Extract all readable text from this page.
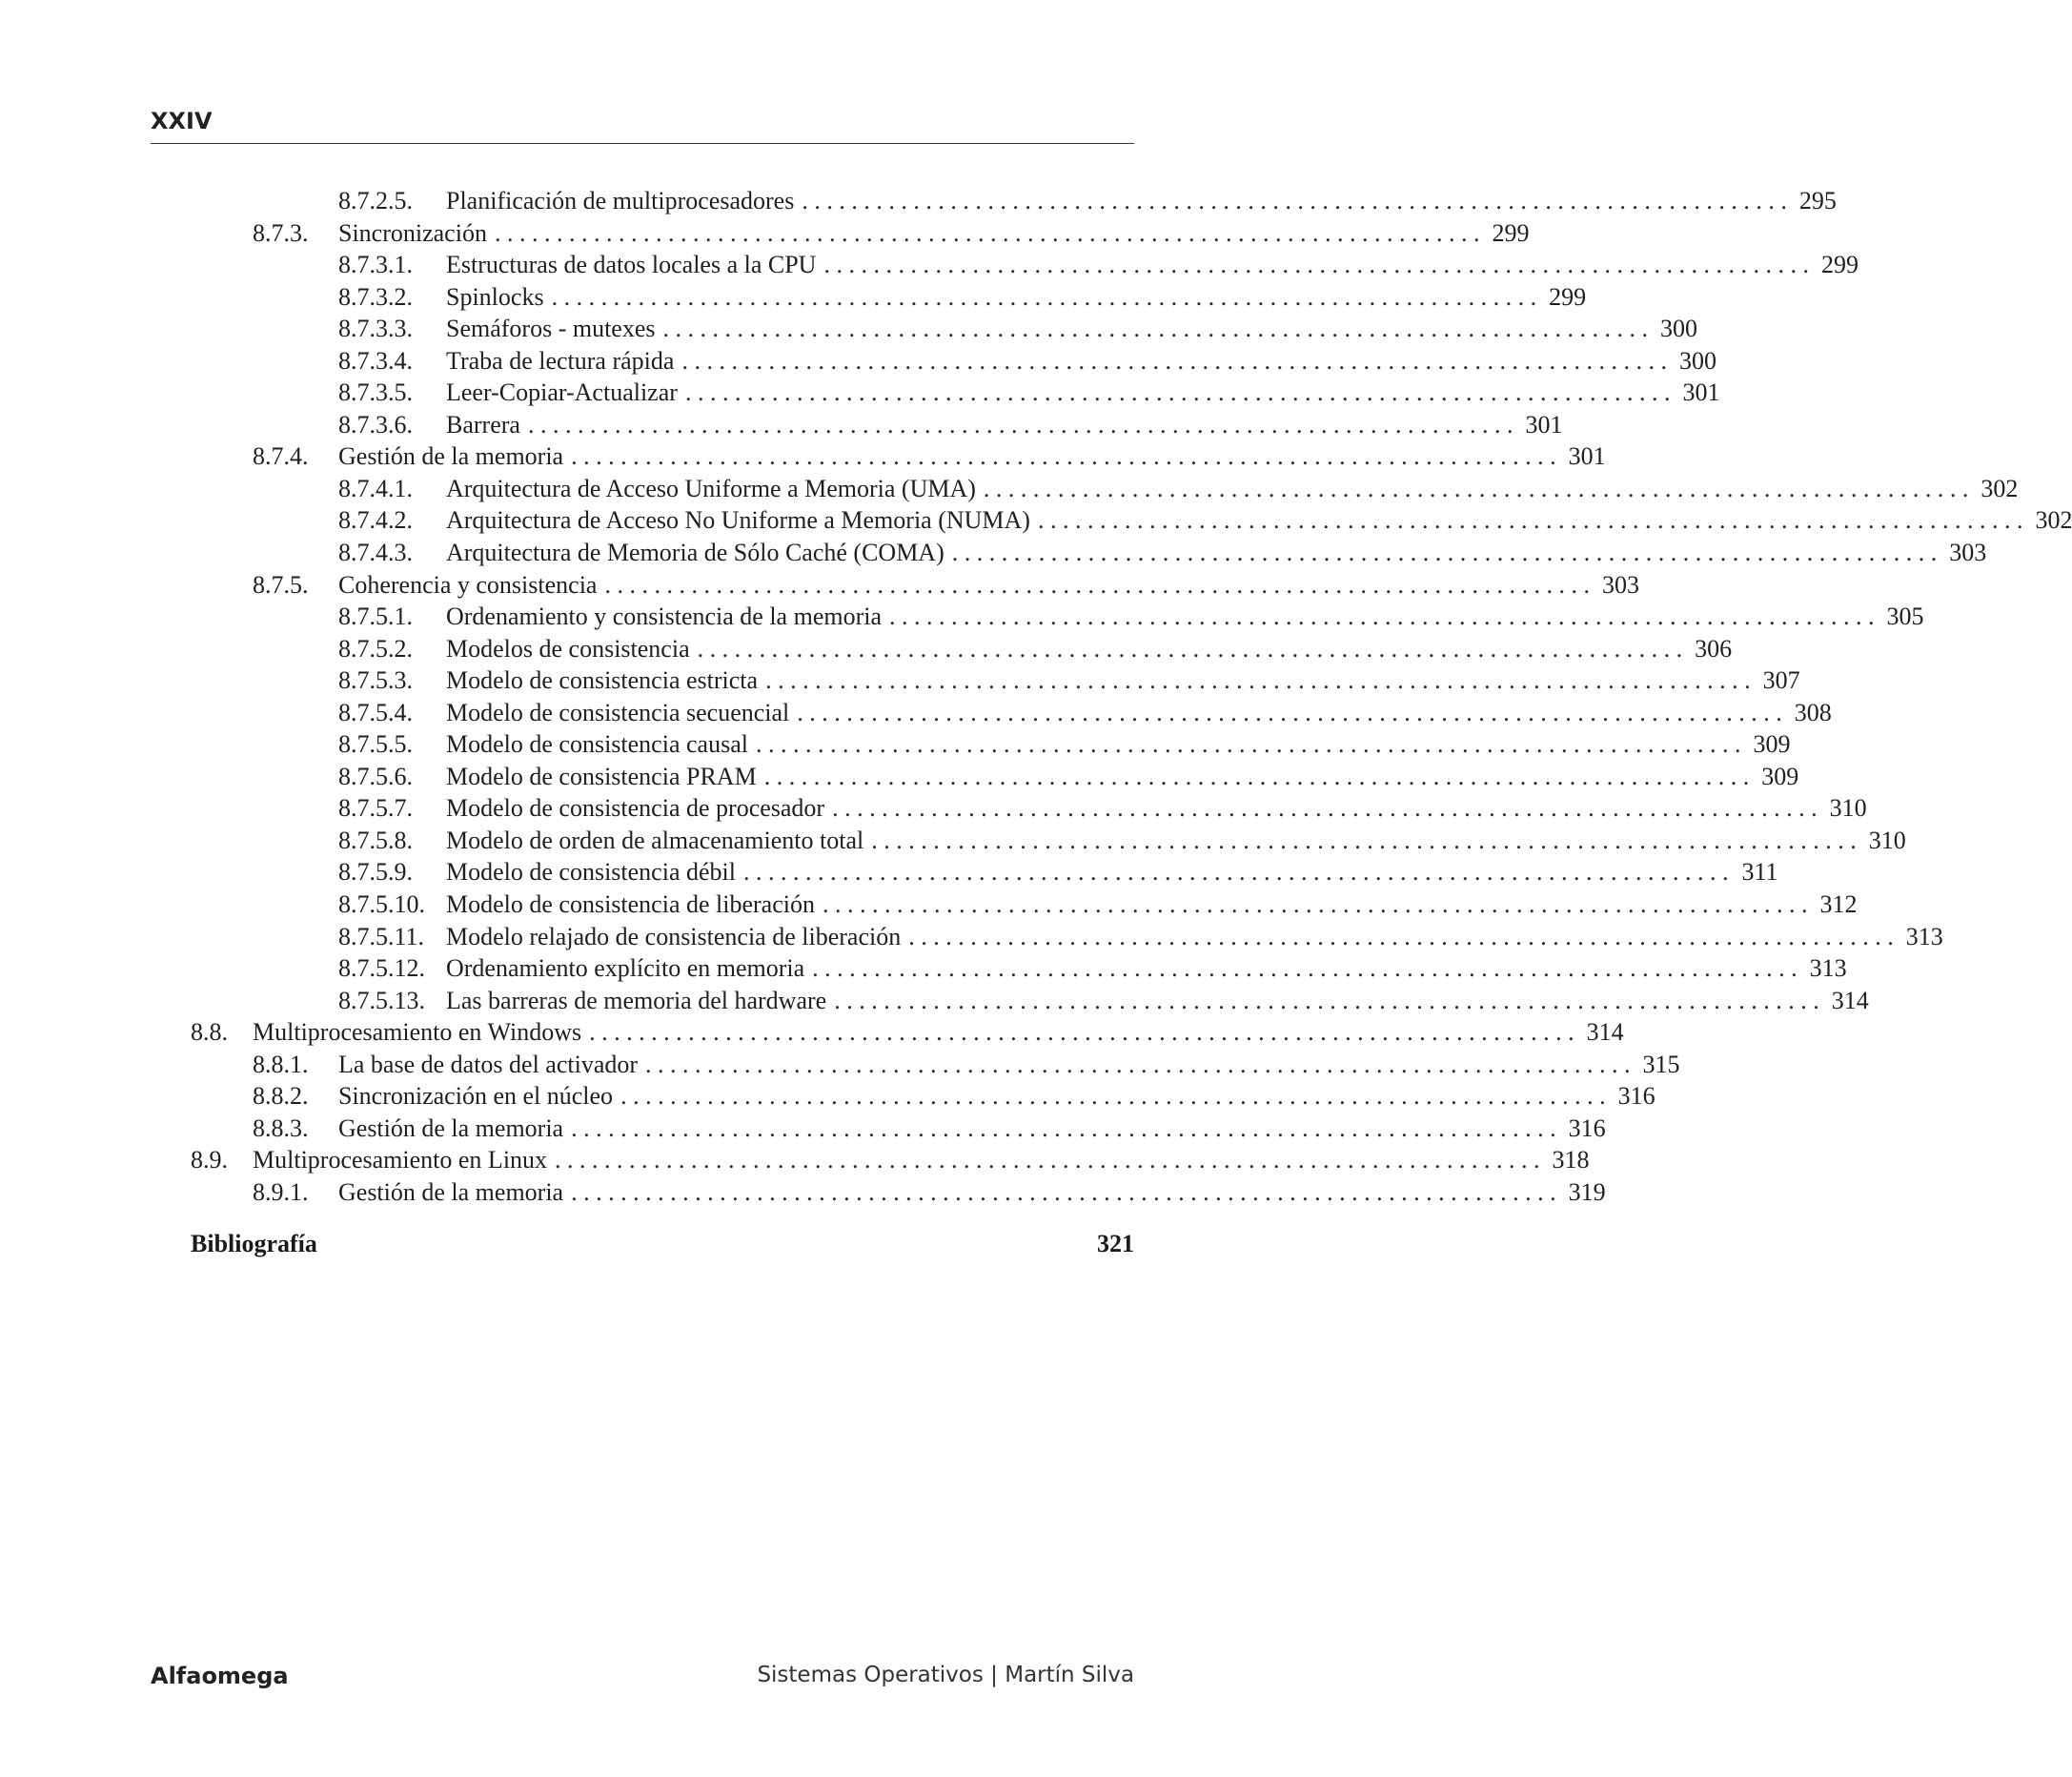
XXIV
8.7.2.5. Planificación de multiprocesadores . . . . . . . . . . . . . . . . . . . . . . . . . . . . . . . . . . . . . . . . . . . . . . . . . . . . . . . . . . . . . . . . . . . . . . . . . . . . . . . . 295
8.7.3. Sincronización . . . . . . . . . . . . . . . . . . . . . . . . . . . . . . . . . . . . . . . . . . . . . . . . . . . . . . . . . . . . . . . . . . . . . . . . . . . . . . . . 299
8.7.3.1. Estructuras de datos locales a la CPU . . . . . . . . . . . . . . . . . . . . . . . . . . . . . . . . . . . . . . . . . . . . . . . . . . . . . . . . . . . . . . . . . . . . . . . . . . . . . . . . 299
8.7.3.2. Spinlocks . . . . . . . . . . . . . . . . . . . . . . . . . . . . . . . . . . . . . . . . . . . . . . . . . . . . . . . . . . . . . . . . . . . . . . . . . . . . . . . . 299
8.7.3.3. Semáforos - mutexes . . . . . . . . . . . . . . . . . . . . . . . . . . . . . . . . . . . . . . . . . . . . . . . . . . . . . . . . . . . . . . . . . . . . . . . . . . . . . . . . 300
8.7.3.4. Traba de lectura rápida . . . . . . . . . . . . . . . . . . . . . . . . . . . . . . . . . . . . . . . . . . . . . . . . . . . . . . . . . . . . . . . . . . . . . . . . . . . . . . . . 300
8.7.3.5. Leer-Copiar-Actualizar . . . . . . . . . . . . . . . . . . . . . . . . . . . . . . . . . . . . . . . . . . . . . . . . . . . . . . . . . . . . . . . . . . . . . . . . . . . . . . . . 301
8.7.3.6. Barrera . . . . . . . . . . . . . . . . . . . . . . . . . . . . . . . . . . . . . . . . . . . . . . . . . . . . . . . . . . . . . . . . . . . . . . . . . . . . . . . . 301
8.7.4. Gestión de la memoria . . . . . . . . . . . . . . . . . . . . . . . . . . . . . . . . . . . . . . . . . . . . . . . . . . . . . . . . . . . . . . . . . . . . . . . . . . . . . . . . 301
8.7.4.1. Arquitectura de Acceso Uniforme a Memoria (UMA) . . . . . . . . . . . . . . . . . . . . . . . . . . . . . . . . . . . . . . . . . . . . . . . . . . . . . . . . . . . . . . . . . . . . . . . . . . . . . . . . 302
8.7.4.2. Arquitectura de Acceso No Uniforme a Memoria (NUMA) . . . . . . . . . . . . . . . . . . . . . . . . . . . . . . . . . . . . . . . . . . . . . . . . . . . . . . . . . . . . . . . . . . . . . . . . . . . . . . . . 302
8.7.4.3. Arquitectura de Memoria de Sólo Caché (COMA) . . . . . . . . . . . . . . . . . . . . . . . . . . . . . . . . . . . . . . . . . . . . . . . . . . . . . . . . . . . . . . . . . . . . . . . . . . . . . . . . 303
8.7.5. Coherencia y consistencia . . . . . . . . . . . . . . . . . . . . . . . . . . . . . . . . . . . . . . . . . . . . . . . . . . . . . . . . . . . . . . . . . . . . . . . . . . . . . . . . 303
8.7.5.1. Ordenamiento y consistencia de la memoria . . . . . . . . . . . . . . . . . . . . . . . . . . . . . . . . . . . . . . . . . . . . . . . . . . . . . . . . . . . . . . . . . . . . . . . . . . . . . . . . 305
8.7.5.2. Modelos de consistencia . . . . . . . . . . . . . . . . . . . . . . . . . . . . . . . . . . . . . . . . . . . . . . . . . . . . . . . . . . . . . . . . . . . . . . . . . . . . . . . . 306
8.7.5.3. Modelo de consistencia estricta . . . . . . . . . . . . . . . . . . . . . . . . . . . . . . . . . . . . . . . . . . . . . . . . . . . . . . . . . . . . . . . . . . . . . . . . . . . . . . . . 307
8.7.5.4. Modelo de consistencia secuencial . . . . . . . . . . . . . . . . . . . . . . . . . . . . . . . . . . . . . . . . . . . . . . . . . . . . . . . . . . . . . . . . . . . . . . . . . . . . . . . . 308
8.7.5.5. Modelo de consistencia causal . . . . . . . . . . . . . . . . . . . . . . . . . . . . . . . . . . . . . . . . . . . . . . . . . . . . . . . . . . . . . . . . . . . . . . . . . . . . . . . . 309
8.7.5.6. Modelo de consistencia PRAM . . . . . . . . . . . . . . . . . . . . . . . . . . . . . . . . . . . . . . . . . . . . . . . . . . . . . . . . . . . . . . . . . . . . . . . . . . . . . . . . 309
8.7.5.7. Modelo de consistencia de procesador . . . . . . . . . . . . . . . . . . . . . . . . . . . . . . . . . . . . . . . . . . . . . . . . . . . . . . . . . . . . . . . . . . . . . . . . . . . . . . . . 310
8.7.5.8. Modelo de orden de almacenamiento total . . . . . . . . . . . . . . . . . . . . . . . . . . . . . . . . . . . . . . . . . . . . . . . . . . . . . . . . . . . . . . . . . . . . . . . . . . . . . . . . 310
8.7.5.9. Modelo de consistencia débil . . . . . . . . . . . . . . . . . . . . . . . . . . . . . . . . . . . . . . . . . . . . . . . . . . . . . . . . . . . . . . . . . . . . . . . . . . . . . . . . 311
8.7.5.10. Modelo de consistencia de liberación . . . . . . . . . . . . . . . . . . . . . . . . . . . . . . . . . . . . . . . . . . . . . . . . . . . . . . . . . . . . . . . . . . . . . . . . . . . . . . . . 312
8.7.5.11. Modelo relajado de consistencia de liberación . . . . . . . . . . . . . . . . . . . . . . . . . . . . . . . . . . . . . . . . . . . . . . . . . . . . . . . . . . . . . . . . . . . . . . . . . . . . . . . . 313
8.7.5.12. Ordenamiento explícito en memoria . . . . . . . . . . . . . . . . . . . . . . . . . . . . . . . . . . . . . . . . . . . . . . . . . . . . . . . . . . . . . . . . . . . . . . . . . . . . . . . . 313
8.7.5.13. Las barreras de memoria del hardware . . . . . . . . . . . . . . . . . . . . . . . . . . . . . . . . . . . . . . . . . . . . . . . . . . . . . . . . . . . . . . . . . . . . . . . . . . . . . . . . 314
8.8. Multiprocesamiento en Windows . . . . . . . . . . . . . . . . . . . . . . . . . . . . . . . . . . . . . . . . . . . . . . . . . . . . . . . . . . . . . . . . . . . . . . . . . . . . . . . . 314
8.8.1. La base de datos del activador . . . . . . . . . . . . . . . . . . . . . . . . . . . . . . . . . . . . . . . . . . . . . . . . . . . . . . . . . . . . . . . . . . . . . . . . . . . . . . . . 315
8.8.2. Sincronización en el núcleo . . . . . . . . . . . . . . . . . . . . . . . . . . . . . . . . . . . . . . . . . . . . . . . . . . . . . . . . . . . . . . . . . . . . . . . . . . . . . . . . 316
8.8.3. Gestión de la memoria . . . . . . . . . . . . . . . . . . . . . . . . . . . . . . . . . . . . . . . . . . . . . . . . . . . . . . . . . . . . . . . . . . . . . . . . . . . . . . . . 316
8.9. Multiprocesamiento en Linux . . . . . . . . . . . . . . . . . . . . . . . . . . . . . . . . . . . . . . . . . . . . . . . . . . . . . . . . . . . . . . . . . . . . . . . . . . . . . . . . 318
8.9.1. Gestión de la memoria . . . . . . . . . . . . . . . . . . . . . . . . . . . . . . . . . . . . . . . . . . . . . . . . . . . . . . . . . . . . . . . . . . . . . . . . . . . . . . . . 319
Bibliografía	321
Alfaomega	Sistemas Operativos | Martín Silva
